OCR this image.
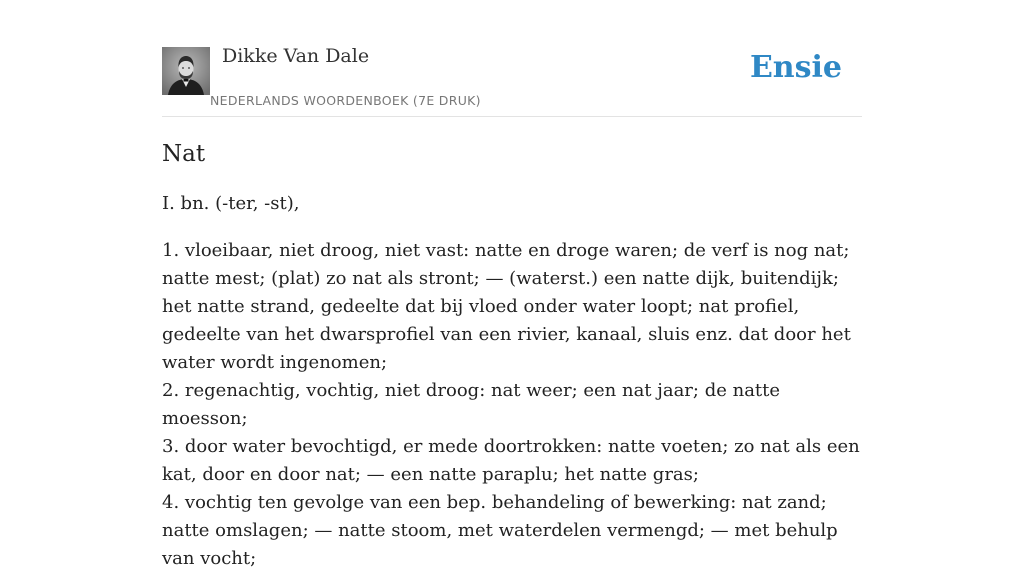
Dikke Van Dale
NEDERLANDS WOORDENBOEK (7E DRUK)
Ensie
Nat

I. bn. (-ter, -st),

1. vloeibaar, niet droog, niet vast: natte en droge waren; de verf is nog nat; natte mest; (plat) zo nat als stront; — (waterst.) een natte dijk, buitendijk; het natte strand, gedeelte dat bij vloed onder water loopt; nat profiel, gedeelte van het dwarsprofiel van een rivier, kanaal, sluis enz. dat door het water wordt ingenomen;
2. regenachtig, vochtig, niet droog: nat weer; een nat jaar; de natte moesson;
3. door water bevochtigd, er mede doortrokken: natte voeten; zo nat als een kat, door en door nat; — een natte paraplu; het natte gras;
4. vochtig ten gevolge van een bep. behandeling of bewerking: nat zand; natte omslagen; — natte stoom, met waterdelen vermengd; — met behulp van vocht;
